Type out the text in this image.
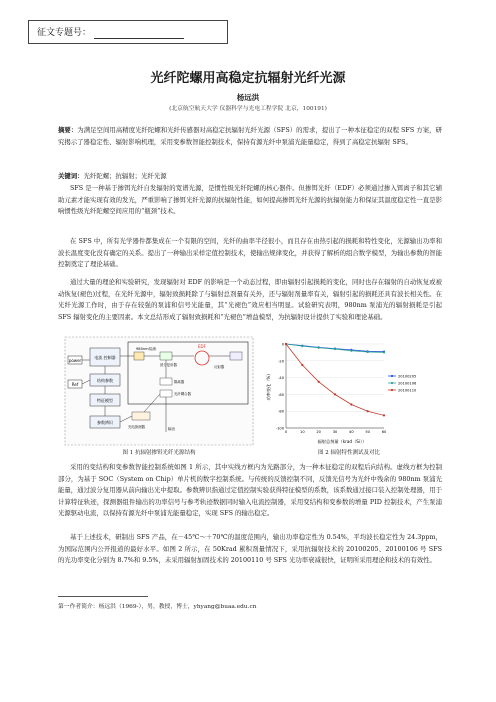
征文专题号：
光纤陀螺用高稳定抗辐射光纤光源
杨远洪
(北京航空航天大学 仪器科学与光电工程学院 北京，100191)

摘要：为满足空间用高精度光纤陀螺和光纤传感器对高稳定抗辐射光纤光源（SFS）的需求，提出了一种本征稳定的双程 SFS 方案，研究揭示了器稳定性、辐射影响机理，采用变参数智能控制技术，保持有源光纤中泵浦光能量稳定，得到了高稳定抗辐射 SFS。

关键词：光纤陀螺；抗辐射；光纤光源

SFS 是一种基于掺铒光纤自发辐射的宽谱光源，是惯性级光纤陀螺的核心器件。但掺铒光纤（EDF）必须通过掺入铒离子和其它辅助元素才能实现有效的发光，严重影响了掺铒光纤光源的抗辐射性能，如何提高掺铒光纤光源的抗辐射能力和保证其温度稳定性一直是影响惯性级光纤陀螺空间应用的“瓶颈”技术。

在 SFS 中，所有光学器件都集成在一个有限的空间，光纤的曲率半径很小，而且存在由热引起的损耗和特性变化，光源输出功率和波长温度变化没有确定的关系。提出了一种输出采样定值控制技术，使输出规律变化，并获得了解析的组合数学模型，为输出参数的智能控制奠定了理论基础。

通过大量的理论和实验研究，发现辐射对 EDF 的影响是一个动态过程，即由辐射引起损耗的变化，同时也存在辐射的自动恢复或被动恢复(褪色)过程，在光纤光源中，辐射致损耗除了与辐射总剂量有关外，还与辐射剂量率有关，辐射引起的损耗还具有波长相关性。在光纤光源工作时，由于存在较强的泵浦和信号光能量，其“光褪色”效应相当明显。试验研究表明，980nm 泵浦光的辐射损耗是引起 SFS 辐射变化的主要因素。本文总结形成了辐射致损耗和“光褪色”增益模型，为抗辐射设计提供了实验和理论基础。

power
电流 控制器
Ref
结构参数
特征模型
参数辨识
980nm泵浦
波分复用器
EDF
反射器
隔离器
光纤耦合器
输出
光电探测器	-100
-80
-60
-40
-20
0
0	10	20	30	40	50	60
20100205
20100106
20100110
辐射总剂量（krad（Si））
功率变化（%）
图 1 抗辐射掺铒光纤光源结构	图 2 辐射特性测试及对比

采用的变结构和变参数智能控制系统如图 1 所示，其中实线方框内为光路部分，为一种本征稳定的双程后向结构。虚线方框为控制部分，为基于 SOC（System on Chip）单片机的数字控制系统。与传统的反馈控制不同，反馈光信号为光纤中残余的 980nm 泵浦光能量，通过波分复用器从前向输出光中提取。参数辨识指通过定值控制实验获得特征模型的系数，该系数通过接口装入控制处理器，用于计算特征轨迹，探测器组件输出的功率信号与参考轨迹数据同时输入电流控制器，采用变结构和变参数的增量 PID 控制技术，产生泵浦光源驱动电流，以保持有源光纤中泵浦光能量稳定，实现 SFS 的输出稳定。

基于上述技术，研制出 SFS 产品，在－45℃～＋70℃的温度范围内，输出功率稳定性为 0.54%，平均波长稳定性为 24.3ppm，为国际范围内公开报道的最好水平。如图 2 所示，在 50Krad 累积剂量情况下，采用抗辐射技术的 20100205、20100106 号 SFS 的光功率变化分别为 8.7%和 9.5%，未采用辐射加固技术的 20100110 号 SFS 光功率衰减很快，证明所采用理论和技术的有效性。

第一作者简介：杨远洪（1969-），男，教授，博士，yhyang@buaa.edu.cn
